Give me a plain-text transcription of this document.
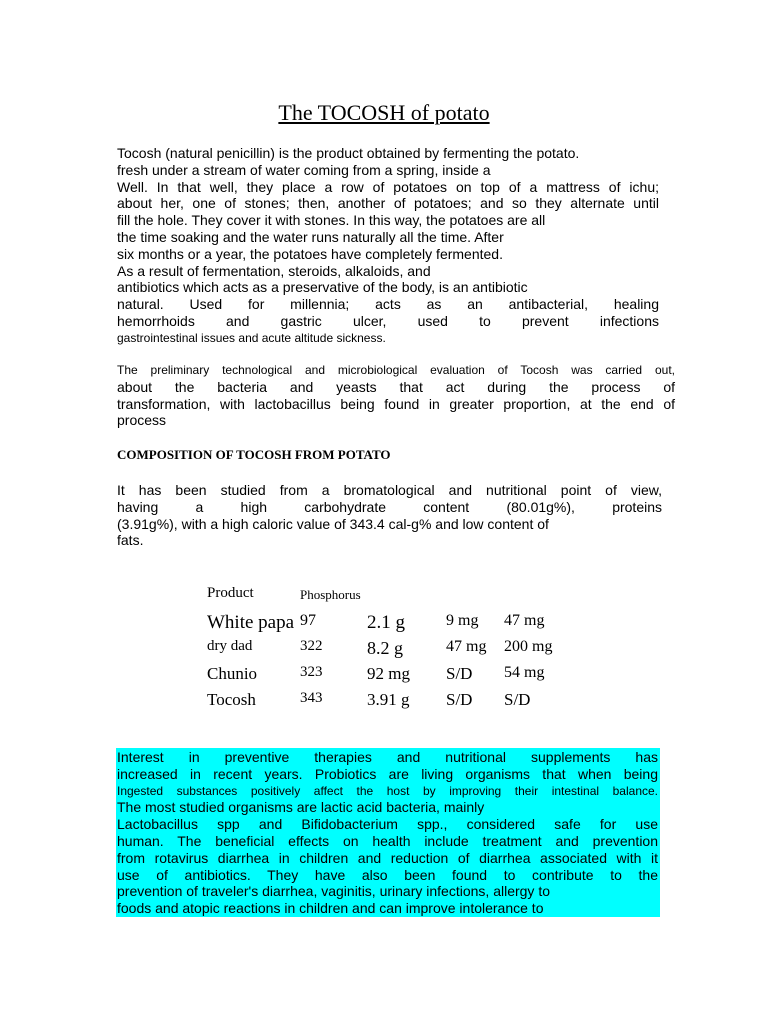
The TOCOSH of potato
Tocosh (natural penicillin) is the product obtained by fermenting the potato.
fresh under a stream of water coming from a spring, inside a
Well. In that well, they place a row of potatoes on top of a mattress of ichu;
about her, one of stones; then, another of potatoes; and so they alternate until
fill the hole. They cover it with stones. In this way, the potatoes are all
the time soaking and the water runs naturally all the time. After
six months or a year, the potatoes have completely fermented.
As a result of fermentation, steroids, alkaloids, and
antibiotics which acts as a preservative of the body, is an antibiotic
natural. Used for millennia; acts as an antibacterial, healing
hemorrhoids and gastric ulcer, used to prevent infections
gastrointestinal issues and acute altitude sickness.
The preliminary technological and microbiological evaluation of Tocosh was carried out,
about the bacteria and yeasts that act during the process of
transformation, with lactobacillus being found in greater proportion, at the end of
process
COMPOSITION OF TOCOSH FROM POTATO
It has been studied from a bromatological and nutritional point of view,
having a high carbohydrate content (80.01g%), proteins
(3.91g%), with a high caloric value of 343.4 cal-g% and low content of
fats.
Product	Phosphorus
White papa 97	2.1 g	9 mg 47 mg
dry dad	322 8.2 g	47 mg 200 mg
Chunio	323	92 mg S/D 54 mg
Tocosh	343	3.91 g S/D S/D
Interest in preventive therapies and nutritional supplements has
increased in recent years. Probiotics are living organisms that when being
Ingested substances positively affect the host by improving their intestinal balance.
The most studied organisms are lactic acid bacteria, mainly
Lactobacillus spp and Bifidobacterium spp., considered safe for use
human. The beneficial effects on health include treatment and prevention
from rotavirus diarrhea in children and reduction of diarrhea associated with it
use of antibiotics. They have also been found to contribute to the
prevention of traveler's diarrhea, vaginitis, urinary infections, allergy to
foods and atopic reactions in children and can improve intolerance to
